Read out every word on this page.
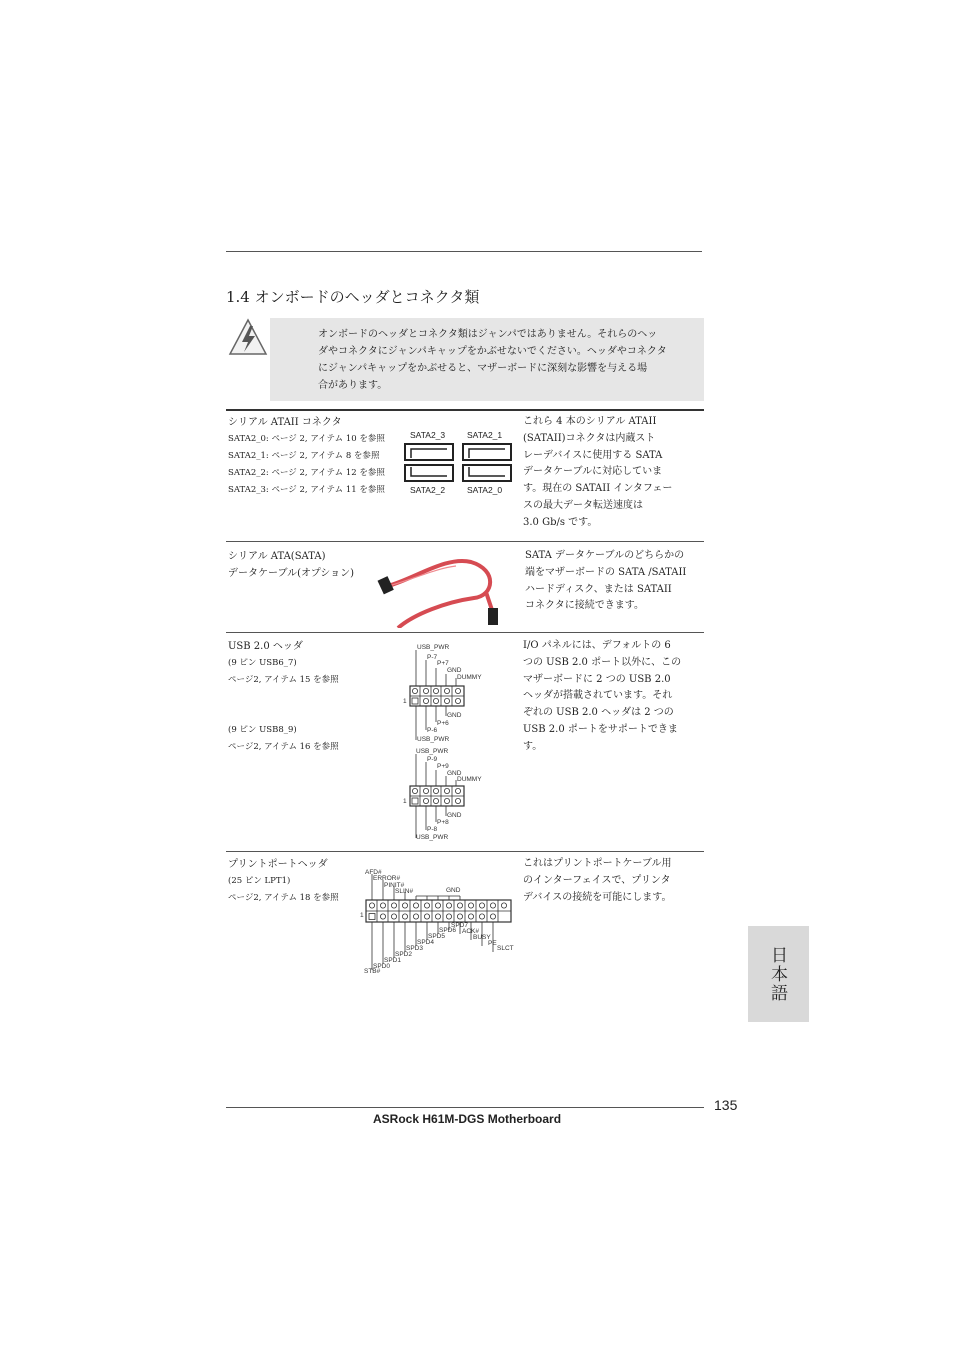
1.4 オンボードのヘッダとコネクタ類
オンボードのヘッダとコネクタ類はジャンパではありません。それらのヘッ
ダやコネクタにジャンパキャップをかぶせないでください。ヘッダやコネクタ
にジャンパキャップをかぶせると、マザーボードに深刻な影響を与える場
合があります。
シリアル ATAII コネクタ
SATA2_0: ページ 2, アイテム 10 を参照
SATA2_1: ページ 2, アイテム 8 を参照
SATA2_2: ページ 2, アイテム 12 を参照
SATA2_3: ページ 2, アイテム 11 を参照
SATA2_3	SATA2_1
SATA2_2	SATA2_0
これら 4 本のシリアル ATAII
(SATAII)コネクタは内蔵スト
レーデバイスに使用する SATA
データケーブルに対応していま
す。現在の SATAII インタフェー
スの最大データ転送速度は
3.0 Gb/s です。
シリアル ATA(SATA)
データケーブル(オプション)
SATA データケーブルのどちらかの
端をマザーボードの SATA /SATAII
ハードディスク、または SATAII
コネクタに接続できます。
USB 2.0 ヘッダ
(9 ピン USB6_7)
ページ2, アイテム 15 を参照
(9 ピン USB8_9)
ページ2, アイテム 16 を参照
USB_PWR
P-7
P+7
GND
DUMMY
1
GND
P+6
P-6
USB_PWR
USB_PWR
P-9
P+9
GND
DUMMY
1
GND
P+8
P-8
USB_PWR
I/O パネルには、デフォルトの 6
つの USB 2.0 ポート以外に、この
マザーボードに 2 つの USB 2.0
ヘッダが搭載されています。それ
ぞれの USB 2.0 ヘッダは 2 つの
USB 2.0 ポートをサポートできま
す。
プリントポートヘッダ
(25 ピン LPT1)
ページ2, アイテム 18 を参照
AFD#
ERROR#
PINIT#
SLIN#	GND
1
SPD7
SPD6 ACK#
SPD5	BUSY
SPD4	PE
SPD3	SLCT
SPD2
SPD1
SPD0
STB#
これはプリントポートケーブル用
のインターフェイスで、プリンタ
デバイスの接続を可能にします。
日本語
135
ASRock H61M-DGS Motherboard
